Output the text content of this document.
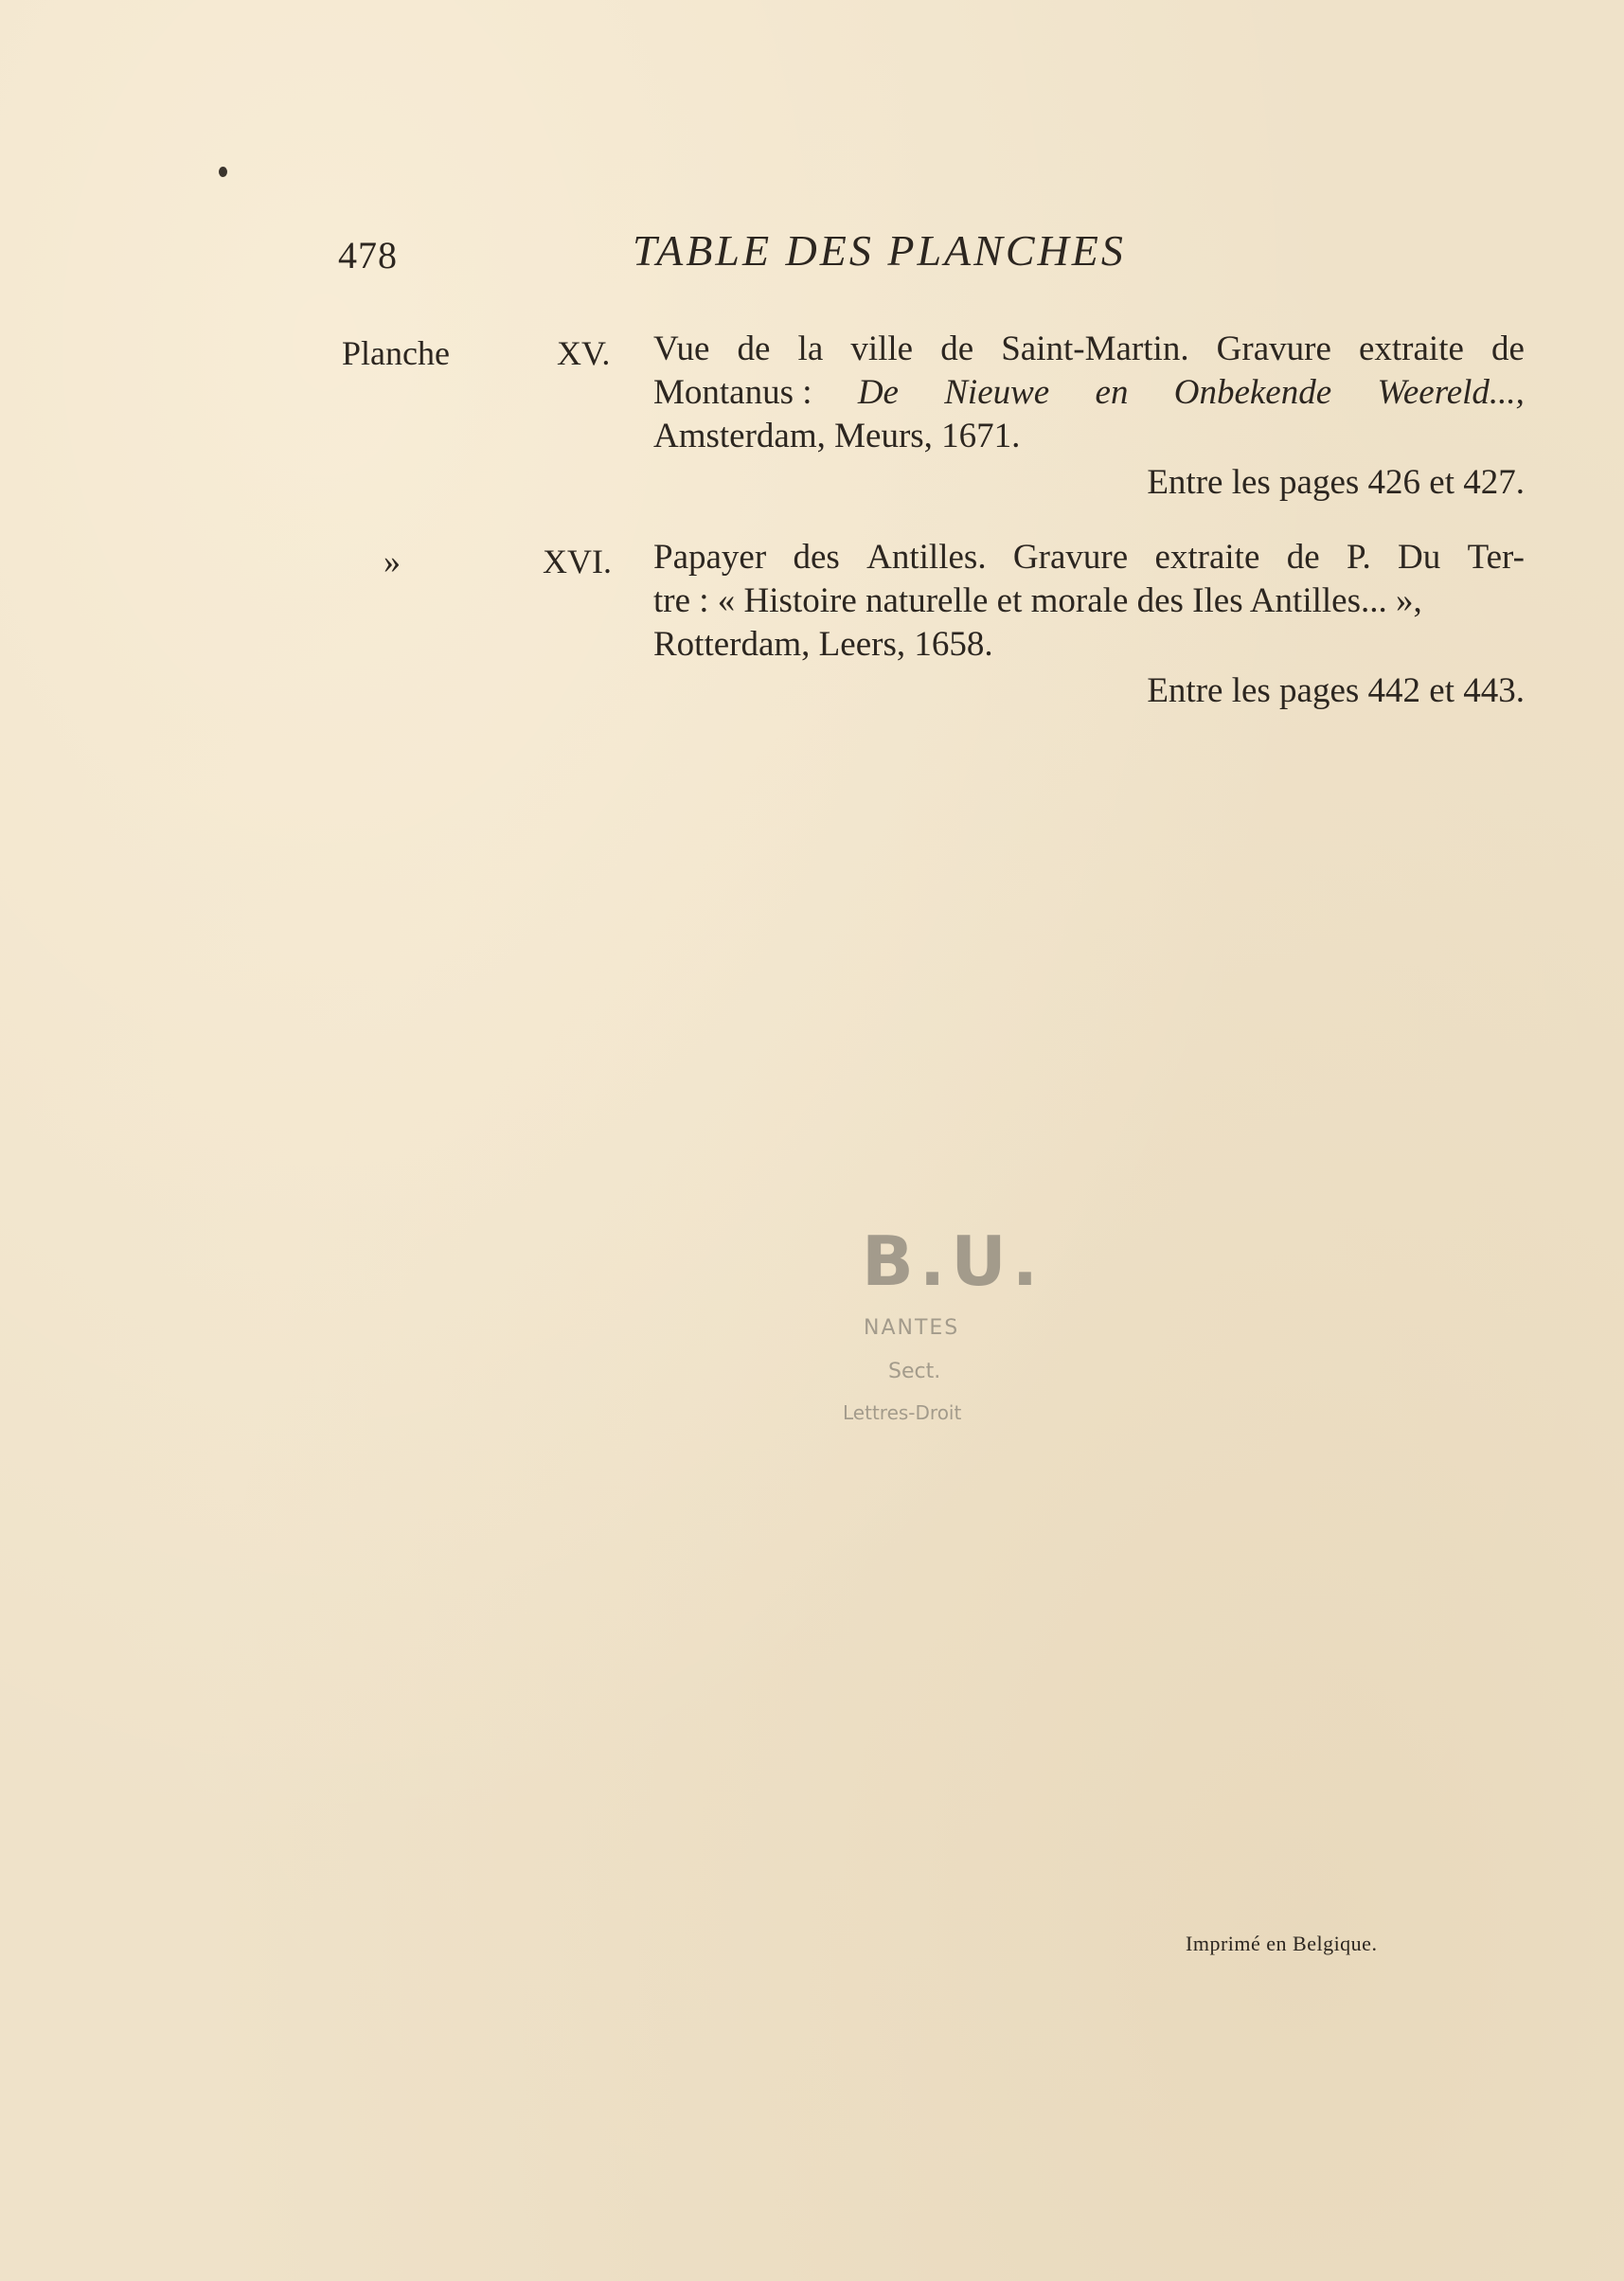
478	TABLE DES PLANCHES
Planche	XV. Vue de la ville de Saint-Martin. Gravure extraite de
Montanus : De Nieuwe en Onbekende Weereld...,
Amsterdam, Meurs, 1671.
Entre les pages 426 et 427.
»	XVI. Papayer des Antilles. Gravure extraite de P. Du Ter-
tre : « Histoire naturelle et morale des Iles Antilles... »,
Rotterdam, Leers, 1658.
Entre les pages 442 et 443.
B.U.
NANTES
Sect.
Lettres-Droit
Imprimé en Belgique.
